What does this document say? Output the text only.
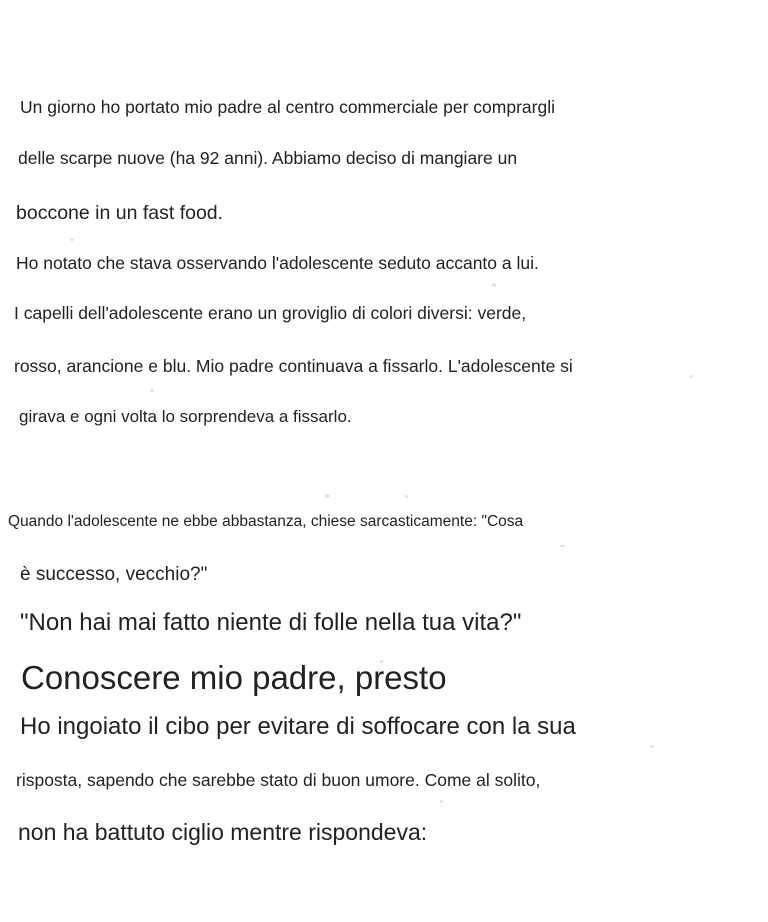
Un giorno ho portato mio padre al centro commerciale per comprargli
delle scarpe nuove (ha 92 anni). Abbiamo deciso di mangiare un
boccone in un fast food.
Ho notato che stava osservando l'adolescente seduto accanto a lui.
I capelli dell'adolescente erano un groviglio di colori diversi: verde,
rosso, arancione e blu. Mio padre continuava a fissarlo. L'adolescente si
girava e ogni volta lo sorprendeva a fissarlo.
Quando l'adolescente ne ebbe abbastanza, chiese sarcasticamente: "Cosa
è successo, vecchio?"
"Non hai mai fatto niente di folle nella tua vita?"
Conoscere mio padre, presto
Ho ingoiato il cibo per evitare di soffocare con la sua
risposta, sapendo che sarebbe stato di buon umore. Come al solito,
non ha battuto ciglio mentre rispondeva:
